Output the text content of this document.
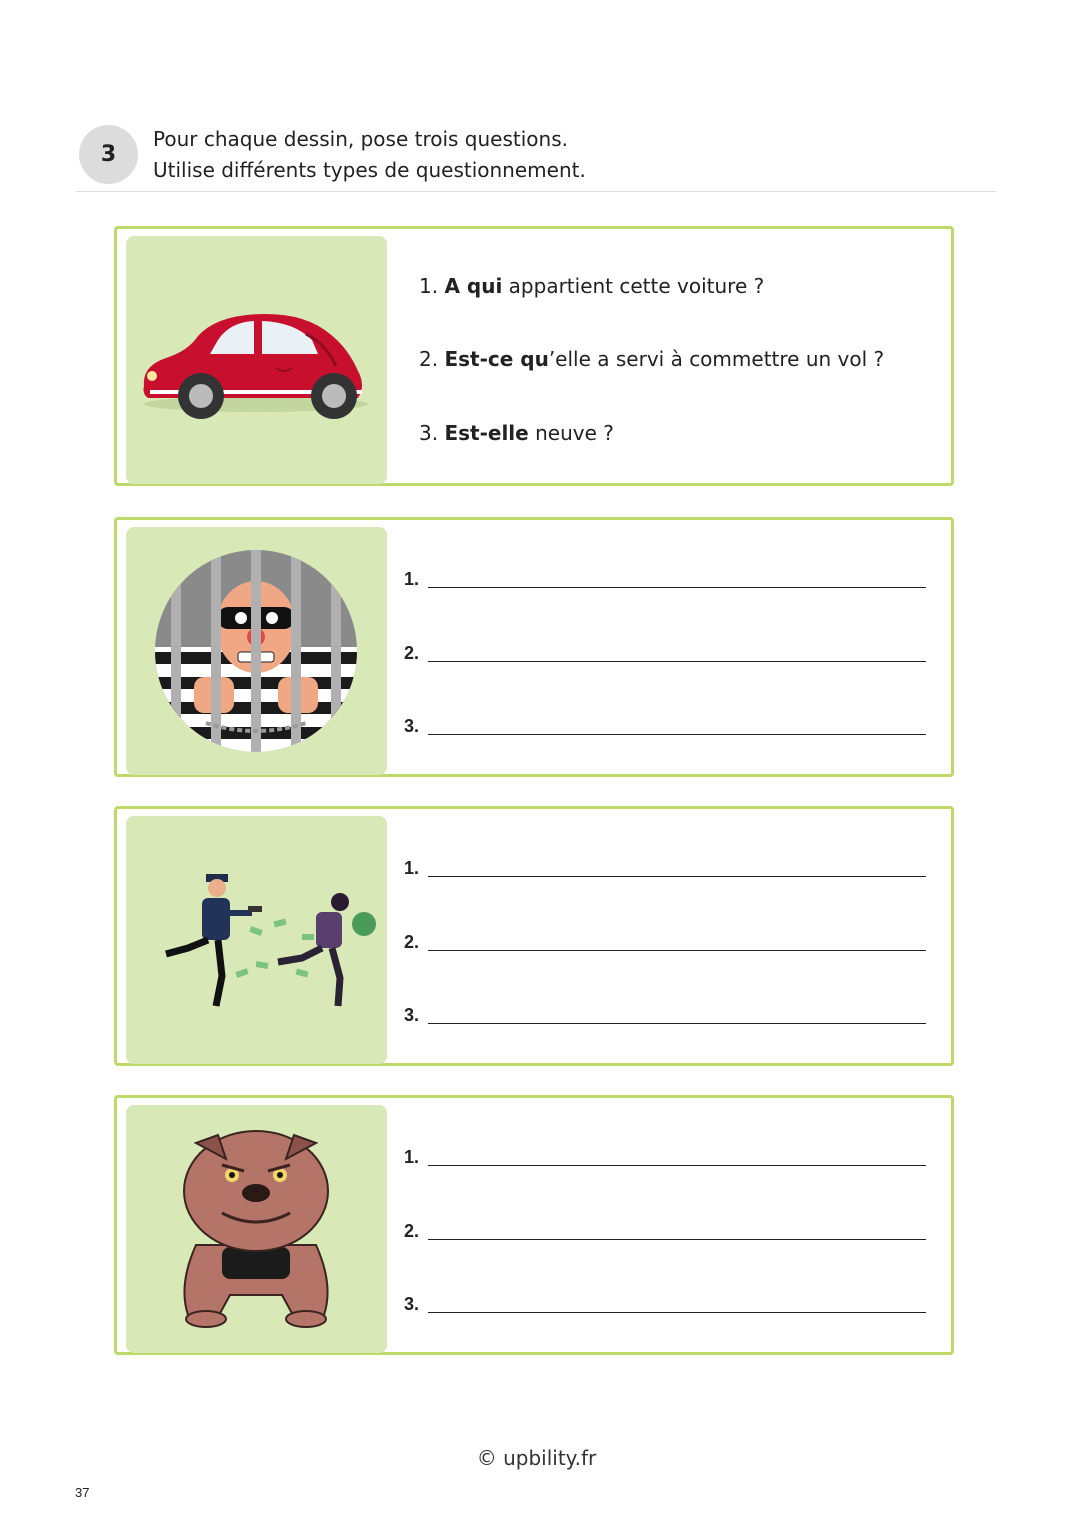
3
Pour chaque dessin, pose trois questions.
Utilise différents types de questionnement.
1. A qui appartient cette voiture ?
2. Est-ce qu’elle a servi à commettre un vol ?
3. Est-elle neuve ?
1.
2.
3.
1.
2.
3.
1.
2.
3.
© upbility.fr
37
